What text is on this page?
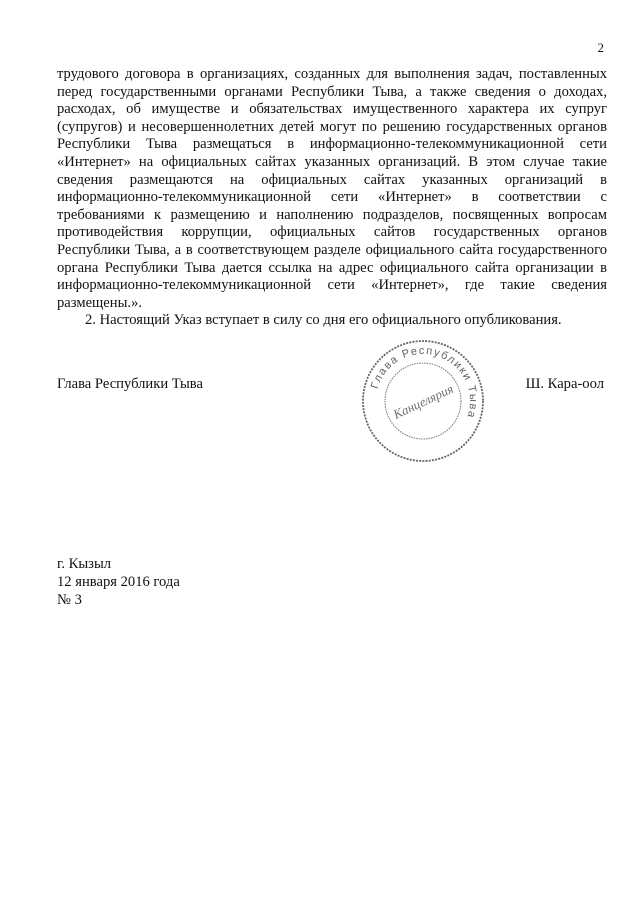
2

трудового договора в организациях, созданных для выполнения задач, поставленных перед государственными органами Республики Тыва, а также сведения о доходах, расходах, об имуществе и обязательствах имущественного характера их супруг (супругов) и несовершеннолетних детей могут по решению государственных органов Республики Тыва размещаться в информационно-телекоммуникационной сети «Интернет» на официальных сайтах указанных организаций. В этом случае такие сведения размещаются на официальных сайтах указанных организаций в информационно-телекоммуникационной сети «Интернет» в соответствии с требованиями к размещению и наполнению подразделов, посвященных вопросам противодействия коррупции, официальных сайтов государственных органов Республики Тыва, а в соответствующем разделе официального сайта государственного органа Республики Тыва дается ссылка на адрес официального сайта организации в информационно-телекоммуникационной сети «Интернет», где такие сведения размещены.».

2. Настоящий Указ вступает в силу со дня его официального опубликования.

Глава Республики Тыва	Глава Республики Тыва
Канцелярия	Ш. Кара-оол
г. Кызыл
12 января 2016 года
№ 3
